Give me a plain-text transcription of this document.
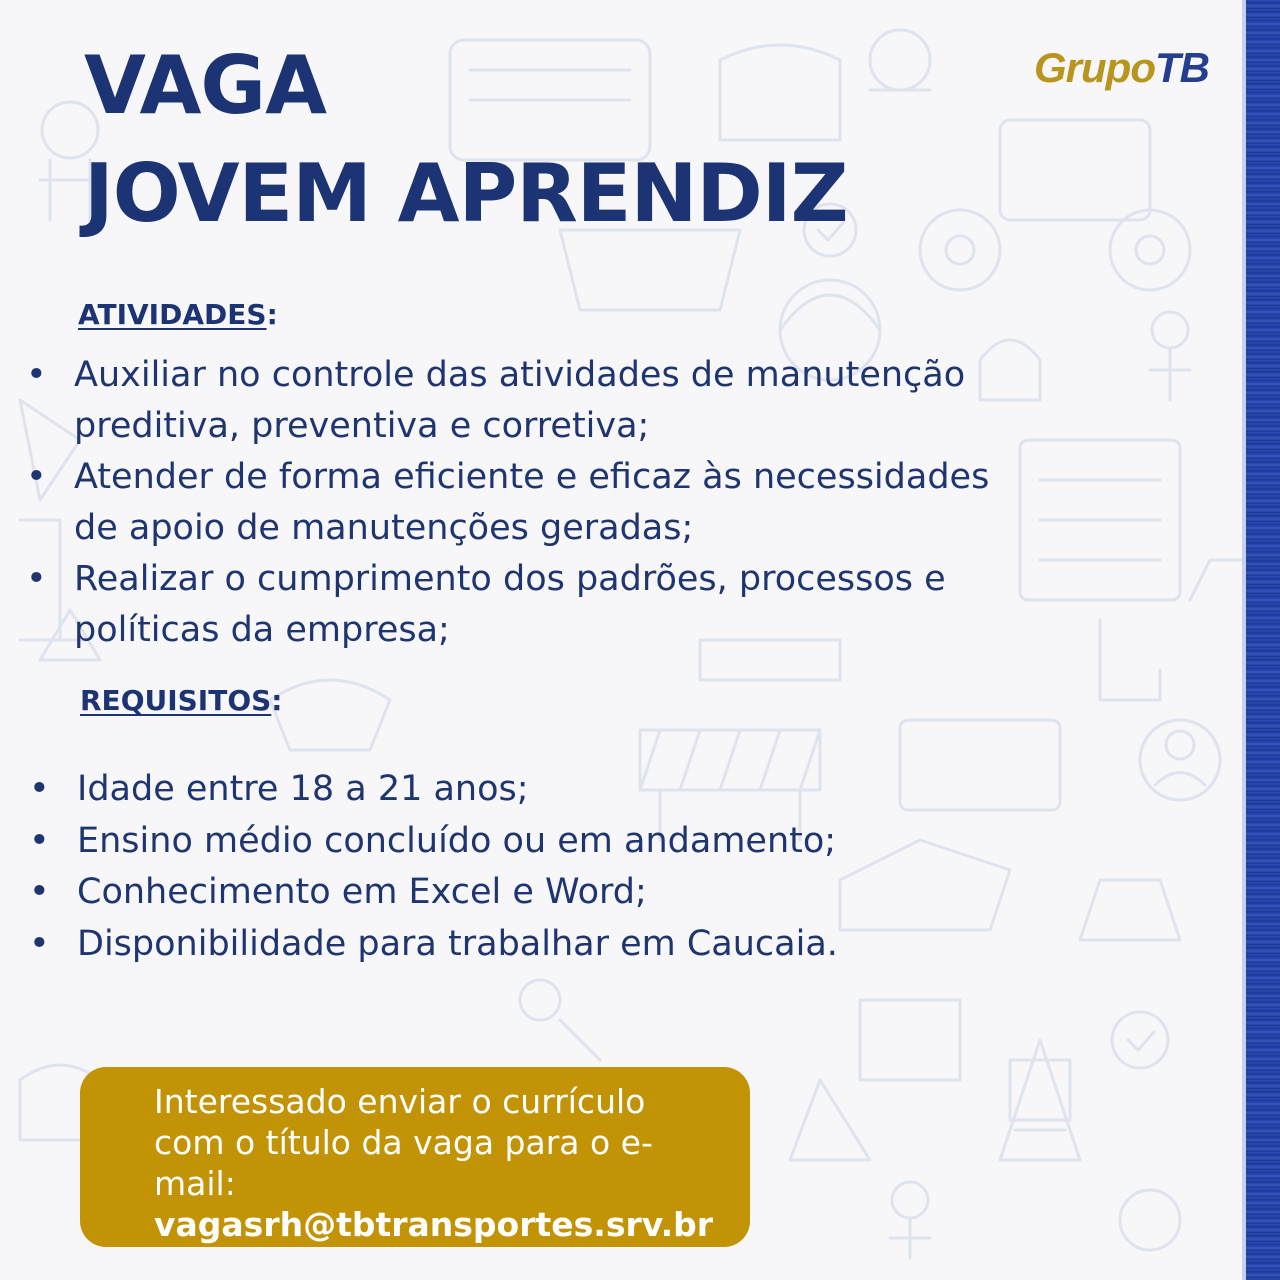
GrupoTB
VAGA
JOVEM APRENDIZ
ATIVIDADES:
• Auxiliar no controle das atividades de manutenção preditiva, preventiva e corretiva;
• Atender de forma eficiente e eficaz às necessidades de apoio de manutenções geradas;
• Realizar o cumprimento dos padrões, processos e políticas da empresa;
REQUISITOS:
• Idade entre 18 a 21 anos;
• Ensino médio concluído ou em andamento;
• Conhecimento em Excel e Word;
• Disponibilidade para trabalhar em Caucaia.
Interessado enviar o currículo com o título da vaga para o e-mail:
vagasrh@tbtransportes.srv.br
